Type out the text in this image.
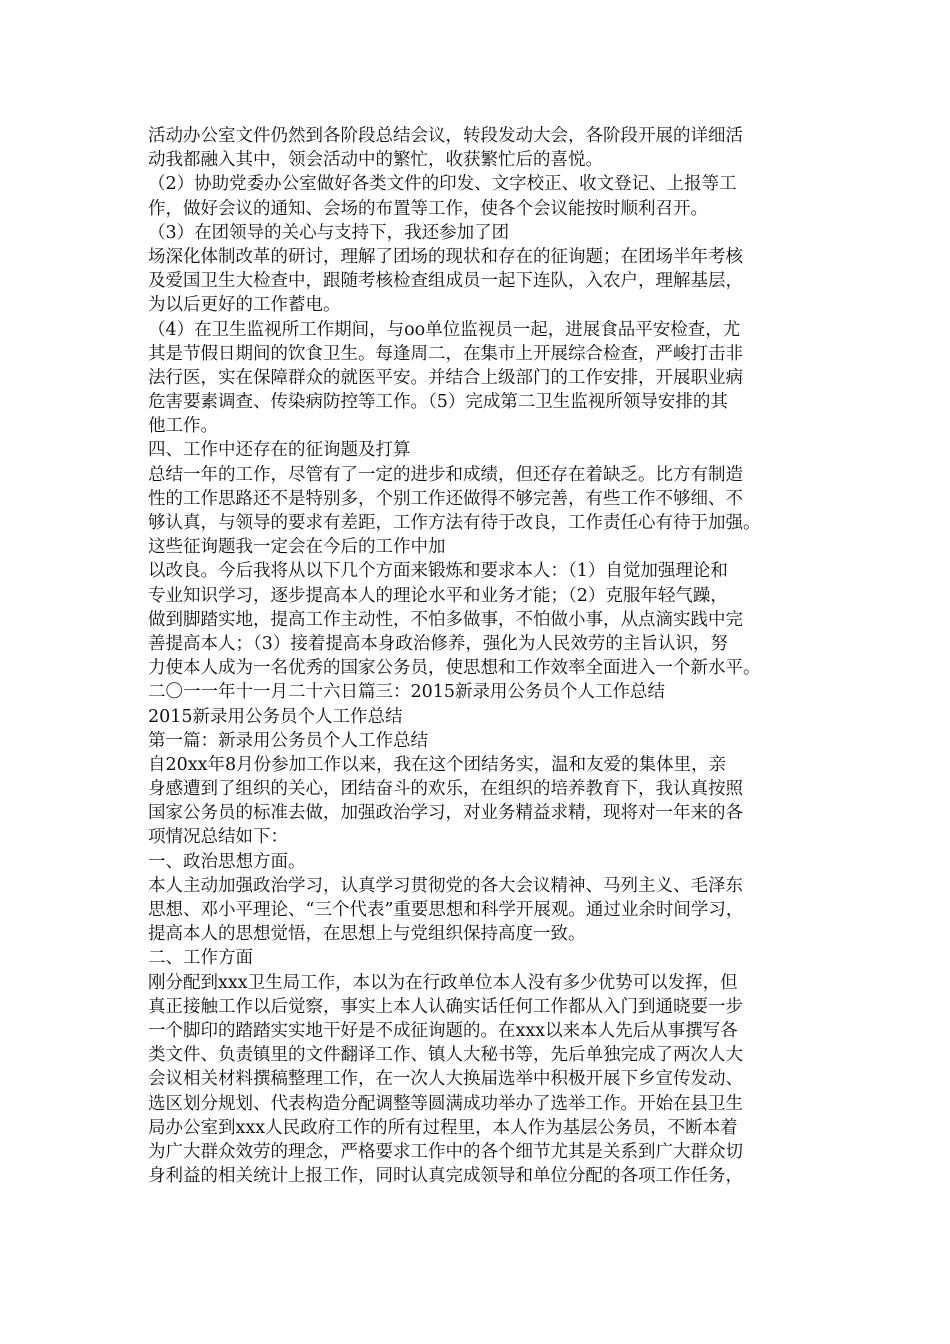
活动办公室文件仍然到各阶段总结会议，转段发动大会，各阶段开展的详细活
动我都融入其中，领会活动中的繁忙，收获繁忙后的喜悦。
（2）协助党委办公室做好各类文件的印发、文字校正、收文登记、上报等工
作，做好会议的通知、会场的布置等工作，使各个会议能按时顺利召开。
（3）在团领导的关心与支持下，我还参加了团
场深化体制改革的研讨，理解了团场的现状和存在的征询题；在团场半年考核
及爱国卫生大检查中，跟随考核检查组成员一起下连队，入农户，理解基层，
为以后更好的工作蓄电。
（4）在卫生监视所工作期间，与oo单位监视员一起，进展食品平安检查，尤
其是节假日期间的饮食卫生。每逢周二，在集市上开展综合检查，严峻打击非
法行医，实在保障群众的就医平安。并结合上级部门的工作安排，开展职业病
危害要素调查、传染病防控等工作。（5）完成第二卫生监视所领导安排的其
他工作。
四、工作中还存在的征询题及打算
总结一年的工作，尽管有了一定的进步和成绩，但还存在着缺乏。比方有制造
性的工作思路还不是特别多，个别工作还做得不够完善，有些工作不够细、不
够认真，与领导的要求有差距，工作方法有待于改良，工作责任心有待于加强。
这些征询题我一定会在今后的工作中加
以改良。今后我将从以下几个方面来锻炼和要求本人：（1）自觉加强理论和
专业知识学习，逐步提高本人的理论水平和业务才能；（2）克服年轻气躁，
做到脚踏实地，提高工作主动性，不怕多做事，不怕做小事，从点滴实践中完
善提高本人；（3）接着提高本身政治修养，强化为人民效劳的主旨认识，努
力使本人成为一名优秀的国家公务员，使思想和工作效率全面进入一个新水平。
二〇一一年十一月二十六日篇三：2015新录用公务员个人工作总结
2015新录用公务员个人工作总结
第一篇：新录用公务员个人工作总结
自20xx年8月份参加工作以来，我在这个团结务实，温和友爱的集体里，亲
身感遭到了组织的关心，团结奋斗的欢乐，在组织的培养教育下，我认真按照
国家公务员的标准去做，加强政治学习，对业务精益求精，现将对一年来的各
项情况总结如下：
一、政治思想方面。
本人主动加强政治学习，认真学习贯彻党的各大会议精神、马列主义、毛泽东
思想、邓小平理论、“三个代表”重要思想和科学开展观。通过业余时间学习，
提高本人的思想觉悟，在思想上与党组织保持高度一致。
二、工作方面
刚分配到xxx卫生局工作，本以为在行政单位本人没有多少优势可以发挥，但
真正接触工作以后觉察，事实上本人认确实话任何工作都从入门到通晓要一步
一个脚印的踏踏实实地干好是不成征询题的。在xxx以来本人先后从事撰写各
类文件、负责镇里的文件翻译工作、镇人大秘书等，先后单独完成了两次人大
会议相关材料撰稿整理工作，在一次人大换届选举中积极开展下乡宣传发动、
选区划分规划、代表构造分配调整等圆满成功举办了选举工作。开始在县卫生
局办公室到xxx人民政府工作的所有过程里，本人作为基层公务员，不断本着
为广大群众效劳的理念，严格要求工作中的各个细节尤其是关系到广大群众切
身利益的相关统计上报工作，同时认真完成领导和单位分配的各项工作任务，
